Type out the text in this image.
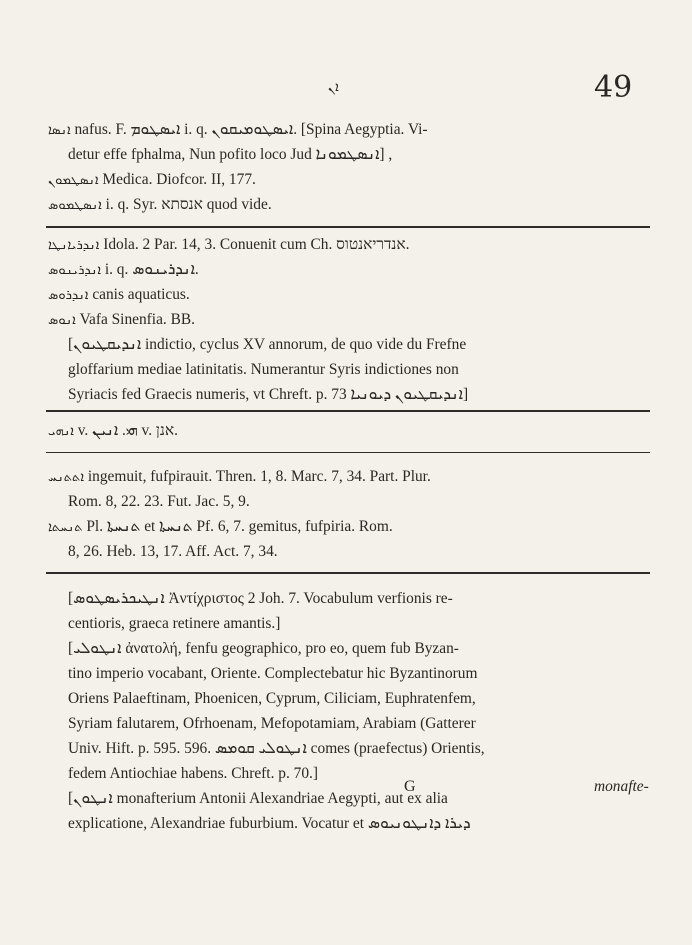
ܐܢ	49
ܐܢܣܐ nafus. F. ܐܝܣܛܘܡ i. q. ܐܝܣܛܘܡܝܩܘܢ. [Spina Aegyptia. Vi-
detur effe fphalma, Nun pofito loco Jud ܐܢܣܛܡܘܢܐ] ,
ܐܢܣܛܡܘܢ Medica. Diofcor. II, 177.
ܐܢܣܛܡܘܣ i. q. Syr. אנסתא quod vide.
ܐܢܕܪܝܐܢܛܐ Idola. 2 Par. 14, 3. Conuenit cum Ch. אנדריאנטוס.
ܐܢܕܪܝܢܘܣ i. q. ܐܢܕܪܝܢܘܣ.
ܐܢܕܪܘܣ canis aquaticus.
ܐܢܘܣ Vafa Sinenfia. BB.
[ܐܢܕܝܩܛܝܘܢ indictio, cyclus XV annorum, de quo vide du Frefne
gloffarium mediae latinitatis. Numerantur Syris indictiones non
Syriacis fed Graecis numeris, vt Chreft. p. 73 ܐܢܕܝܩܛܝܘܢ ܕܝܘܢܝܐ]
ܐܢܗܝ v. ܗܝ. ܐܢܝܢ v. אנן.
ܐܬܬܢܚ ingemuit, fufpirauit. Thren. 1, 8. Marc. 7, 34. Part. Plur.
Rom. 8, 22. 23. Fut. Jac. 5, 9.
ܬܢܚܬܐ Pl. ܬܢܚܬܐ et ܬܢܚܬܐ Pf. 6, 7. gemitus, fufpiria. Rom.
8, 26. Heb. 13, 17. Aff. Act. 7, 34.
[ܐܢܛܝܟܪܝܣܛܘܣ Ἀντίχριστος 2 Joh. 7. Vocabulum verfionis re-
centioris, graeca retinere amantis.]
[ܐܢܛܘܠܝ ἀνατολή, fenfu geographico, pro eo, quem fub Byzan-
tino imperio vocabant, Oriente. Complectebatur hic Byzantinorum
Oriens Palaeftinam, Phoenicen, Cyprum, Ciliciam, Euphratenfem,
Syriam falutarem, Ofrhoenam, Mefopotamiam, Arabiam (Gatterer
Univ. Hift. p. 595. 596. ܐܢܛܘܠܝ ܩܘܡܣ comes (praefectus) Orientis,
fedem Antiochiae habens. Chreft. p. 70.]
[ܐܢܛܘܢ monafterium Antonii Alexandriae Aegypti, aut ex alia
explicatione, Alexandriae fuburbium. Vocatur et ܕܝܪܐ ܕܐܢܛܘܢܝܘܣ
G	monafte-
